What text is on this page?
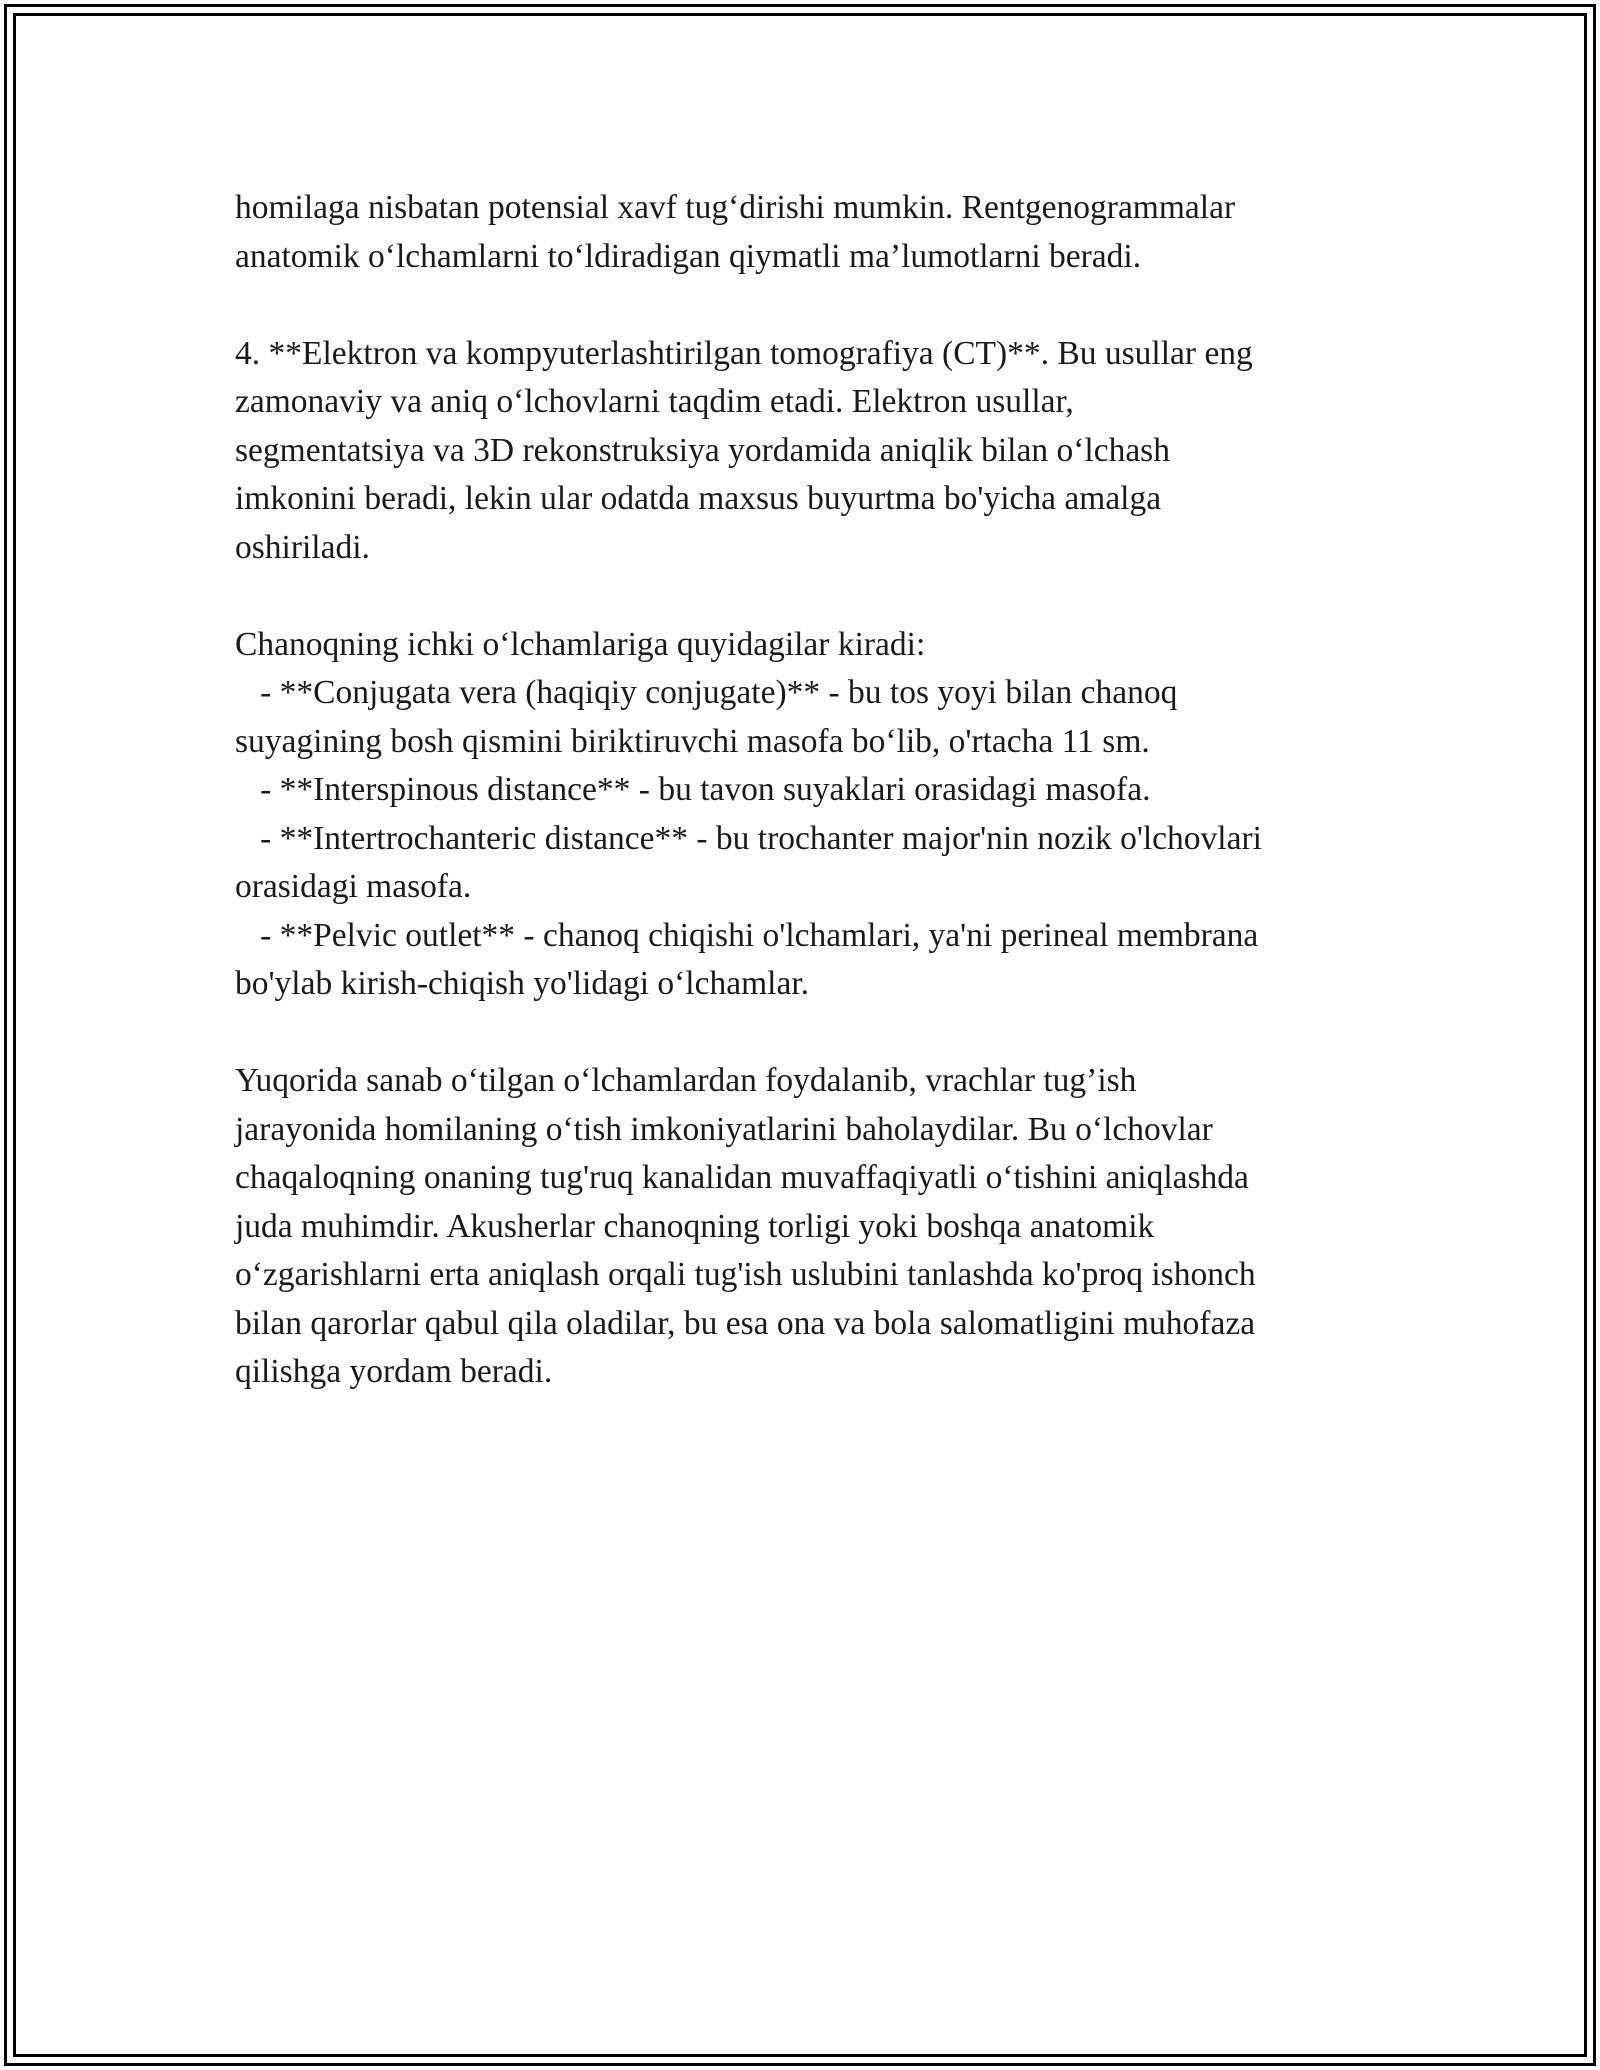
homilaga nisbatan potensial xavf tug‘dirishi mumkin. Rentgenogrammalar

anatomik o‘lchamlarni to‘ldiradigan qiymatli ma’lumotlarni beradi.

4. **Elektron va kompyuterlashtirilgan tomografiya (CT)**. Bu usullar eng

zamonaviy va aniq o‘lchovlarni taqdim etadi. Elektron usullar,

segmentatsiya va 3D rekonstruksiya yordamida aniqlik bilan o‘lchash

imkonini beradi, lekin ular odatda maxsus buyurtma bo'yicha amalga

oshiriladi.

Chanoqning ichki o‘lchamlariga quyidagilar kiradi:

- **Conjugata vera (haqiqiy conjugate)** - bu tos yoyi bilan chanoq

suyagining bosh qismini biriktiruvchi masofa bo‘lib, o'rtacha 11 sm.

- **Interspinous distance** - bu tavon suyaklari orasidagi masofa.

- **Intertrochanteric distance** - bu trochanter major'nin nozik o'lchovlari

orasidagi masofa.

- **Pelvic outlet** - chanoq chiqishi o'lchamlari, ya'ni perineal membrana

bo'ylab kirish-chiqish yo'lidagi o‘lchamlar.

Yuqorida sanab o‘tilgan o‘lchamlardan foydalanib, vrachlar tug’ish

jarayonida homilaning o‘tish imkoniyatlarini baholaydilar. Bu o‘lchovlar

chaqaloqning onaning tug'ruq kanalidan muvaffaqiyatli o‘tishini aniqlashda

juda muhimdir. Akusherlar chanoqning torligi yoki boshqa anatomik

o‘zgarishlarni erta aniqlash orqali tug'ish uslubini tanlashda ko'proq ishonch

bilan qarorlar qabul qila oladilar, bu esa ona va bola salomatligini muhofaza

qilishga yordam beradi.
